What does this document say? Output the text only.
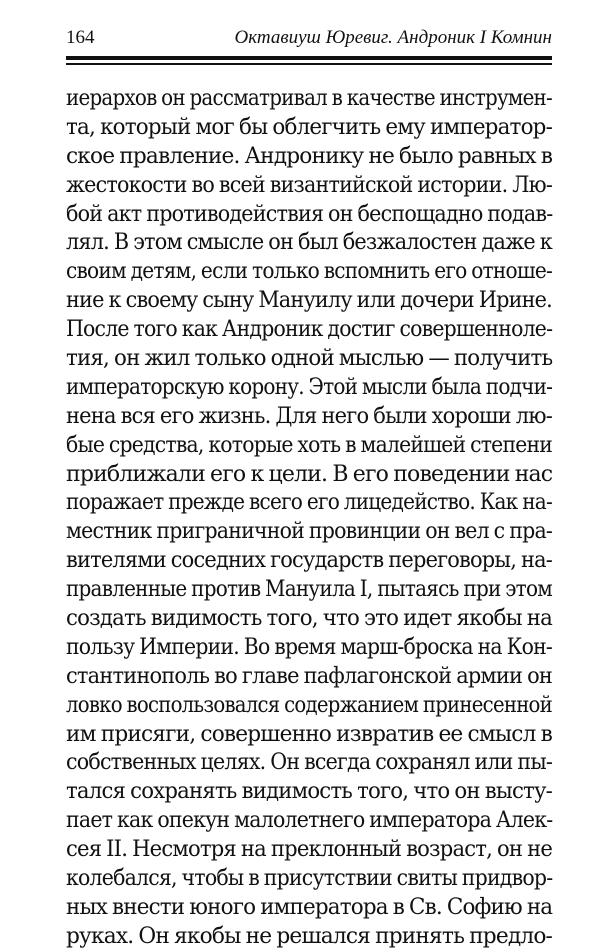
164	Октавиуш Юревиг. Андроник I Комнин
иерархов он рассматривал в качестве инструмен-
та, который мог бы облегчить ему император-
ское правление. Андронику не было равных в
жестокости во всей византийской истории. Лю-
бой акт противодействия он беспощадно подав-
лял. В этом смысле он был безжалостен даже к
своим детям, если только вспомнить его отноше-
ние к своему сыну Мануилу или дочери Ирине.
После того как Андроник достиг совершенноле-
тия, он жил только одной мыслью — получить
императорскую корону. Этой мысли была подчи-
нена вся его жизнь. Для него были хороши лю-
бые средства, которые хоть в малейшей степени
приближали его к цели. В его поведении нас
поражает прежде всего его лицедейство. Как на-
местник приграничной провинции он вел с пра-
вителями соседних государств переговоры, на-
правленные против Мануила I, пытаясь при этом
создать видимость того, что это идет якобы на
пользу Империи. Во время марш-броска на Кон-
стантинополь во главе пафлагонской армии он
ловко воспользовался содержанием принесенной
им присяги, совершенно извратив ее смысл в
собственных целях. Он всегда сохранял или пы-
тался сохранять видимость того, что он высту-
пает как опекун малолетнего императора Алек-
сея II. Несмотря на преклонный возраст, он не
колебался, чтобы в присутствии свиты придвор-
ных внести юного императора в Св. Софию на
руках. Он якобы не решался принять предло-
